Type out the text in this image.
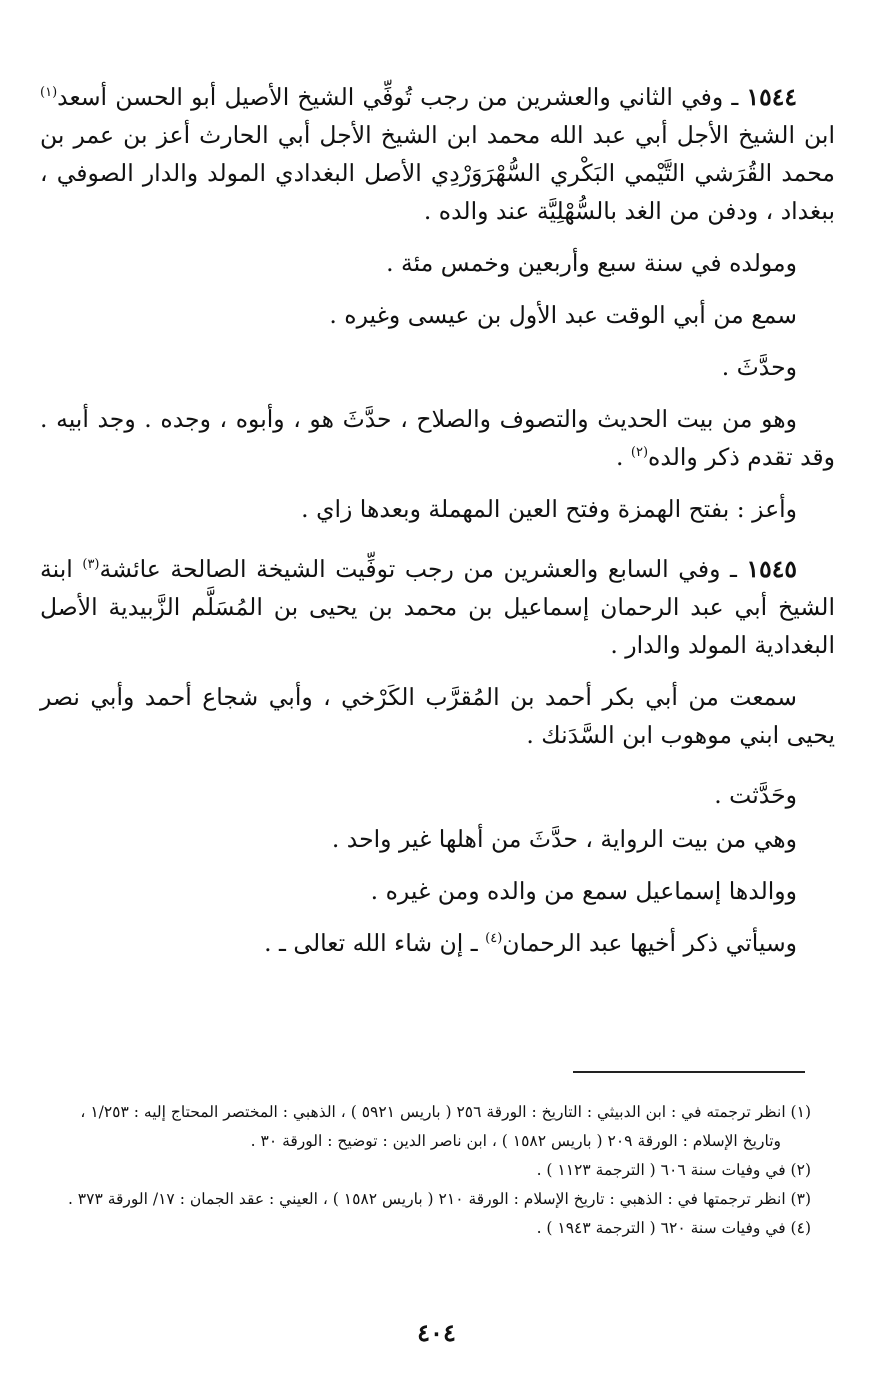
١٥٤٤ ـ وفي الثاني والعشرين من رجب تُوفِّي الشيخ الأصيل أبو الحسن أسعد$^{(١)}$ ابن الشيخ الأجل أبي عبد الله محمد ابن الشيخ الأجل أبي الحارث أعز بن عمر بن محمد القُرَشي التَّيْمي البَكْري السُّهْرَوَرْدِي الأصل البغدادي المولد والدار الصوفي ، ببغداد ، ودفن من الغد بالسُّهْلِيَّة عند والده .

ومولده في سنة سبع وأربعين وخمس مئة .

سمع من أبي الوقت عبد الأول بن عيسى وغيره .

وحدَّثَ .

وهو من بيت الحديث والتصوف والصلاح ، حدَّثَ هو ، وأبوه ، وجده . وجد أبيه . وقد تقدم ذكر والده$^{(٢)}$ .

وأعز : بفتح الهمزة وفتح العين المهملة وبعدها زاي .

١٥٤٥ ـ وفي السابع والعشرين من رجب توفِّيت الشيخة الصالحة عائشة$^{(٣)}$ ابنة الشيخ أبي عبد الرحمان إسماعيل بن محمد بن يحيى بن المُسَلَّم الزَّبيدية الأصل البغدادية المولد والدار .

سمعت من أبي بكر أحمد بن المُقرَّب الكَرْخي ، وأبي شجاع أحمد وأبي نصر يحيى ابني موهوب ابن السَّدَنك .

وحَدَّثت .

وهي من بيت الرواية ، حدَّثَ من أهلها غير واحد .

ووالدها إسماعيل سمع من والده ومن غيره .

وسيأتي ذكر أخيها عبد الرحمان$^{(٤)}$ ـ إن شاء الله تعالى ـ .

(١) انظر ترجمته في : ابن الدبيثي : التاريخ : الورقة ٢٥٦ ( باريس ٥٩٢١ ) ، الذهبي : المختصر المحتاج إليه : ١/٢٥٣ ، وتاريخ الإسلام : الورقة ٢٠٩ ( باريس ١٥٨٢ ) ، ابن ناصر الدين : توضيح : الورقة ٣٠ .

(٢) في وفيات سنة ٦٠٦ ( الترجمة ١١٢٣ ) .

(٣) انظر ترجمتها في : الذهبي : تاريخ الإسلام : الورقة ٢١٠ ( باريس ١٥٨٢ ) ، العيني : عقد الجمان : ١٧/ الورقة ٣٧٣ .

(٤) في وفيات سنة ٦٢٠ ( الترجمة ١٩٤٣ ) .

٤٠٤
